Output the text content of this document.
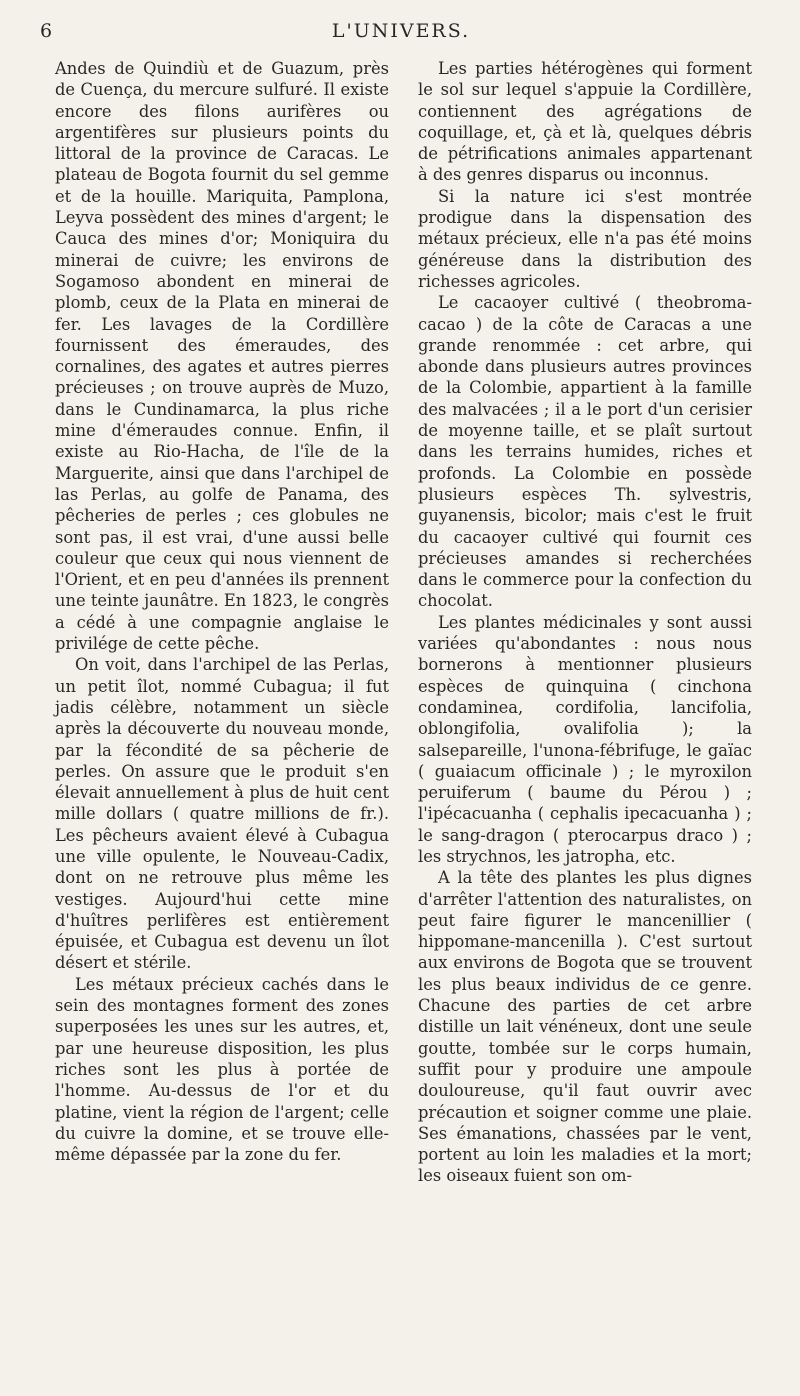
6	L'UNIVERS.

Andes de Quindiù et de Guazum, près de Cuença, du mercure sulfuré. Il existe encore des filons aurifères ou argentifères sur plusieurs points du littoral de la province de Caracas. Le plateau de Bogota fournit du sel gemme et de la houille. Mariquita, Pamplona, Leyva possèdent des mines d'argent; le Cauca des mines d'or; Moniquira du minerai de cuivre; les environs de Sogamoso abondent en minerai de plomb, ceux de la Plata en minerai de fer. Les lavages de la Cordillère fournissent des émeraudes, des cornalines, des agates et autres pierres précieuses ; on trouve auprès de Muzo, dans le Cundinamarca, la plus riche mine d'émeraudes connue. Enfin, il existe au Rio-Hacha, de l'île de la Marguerite, ainsi que dans l'archipel de las Perlas, au golfe de Panama, des pêcheries de perles ; ces globules ne sont pas, il est vrai, d'une aussi belle couleur que ceux qui nous viennent de l'Orient, et en peu d'années ils prennent une teinte jaunâtre. En 1823, le congrès a cédé à une compagnie anglaise le privilége de cette pêche.

On voit, dans l'archipel de las Perlas, un petit îlot, nommé Cubagua; il fut jadis célèbre, notamment un siècle après la découverte du nouveau monde, par la fécondité de sa pêcherie de perles. On assure que le produit s'en élevait annuellement à plus de huit cent mille dollars ( quatre millions de fr.). Les pêcheurs avaient élevé à Cubagua une ville opulente, le Nouveau-Cadix, dont on ne retrouve plus même les vestiges. Aujourd'hui cette mine d'huîtres perlifères est entièrement épuisée, et Cubagua est devenu un îlot désert et stérile.

Les métaux précieux cachés dans le sein des montagnes forment des zones superposées les unes sur les autres, et, par une heureuse disposition, les plus riches sont les plus à portée de l'homme. Au-dessus de l'or et du platine, vient la région de l'argent; celle du cuivre la domine, et se trouve elle-même dépassée par la zone du fer.

Les parties hétérogènes qui forment le sol sur lequel s'appuie la Cordillère, contiennent des agrégations de coquillage, et, çà et là, quelques débris de pétrifications animales appartenant à des genres disparus ou inconnus.

Si la nature ici s'est montrée prodigue dans la dispensation des métaux précieux, elle n'a pas été moins généreuse dans la distribution des richesses agricoles.

Le cacaoyer cultivé ( theobroma-cacao ) de la côte de Caracas a une grande renommée : cet arbre, qui abonde dans plusieurs autres provinces de la Colombie, appartient à la famille des malvacées ; il a le port d'un cerisier de moyenne taille, et se plaît surtout dans les terrains humides, riches et profonds. La Colombie en possède plusieurs espèces Th. sylvestris, guyanensis, bicolor; mais c'est le fruit du cacaoyer cultivé qui fournit ces précieuses amandes si recherchées dans le commerce pour la confection du chocolat.

Les plantes médicinales y sont aussi variées qu'abondantes : nous nous bornerons à mentionner plusieurs espèces de quinquina ( cinchona condaminea, cordifolia, lancifolia, oblongifolia, ovalifolia ); la salsepareille, l'unona-fébrifuge, le gaïac ( guaiacum officinale ) ; le myroxilon peruiferum ( baume du Pérou ) ; l'ipécacuanha ( cephalis ipecacuanha ) ; le sang-dragon ( pterocarpus draco ) ; les strychnos, les jatropha, etc.

A la tête des plantes les plus dignes d'arrêter l'attention des naturalistes, on peut faire figurer le mancenillier ( hippomane-mancenilla ). C'est surtout aux environs de Bogota que se trouvent les plus beaux individus de ce genre. Chacune des parties de cet arbre distille un lait vénéneux, dont une seule goutte, tombée sur le corps humain, suffit pour y produire une ampoule douloureuse, qu'il faut ouvrir avec précaution et soigner comme une plaie. Ses émanations, chassées par le vent, portent au loin les maladies et la mort; les oiseaux fuient son om-
